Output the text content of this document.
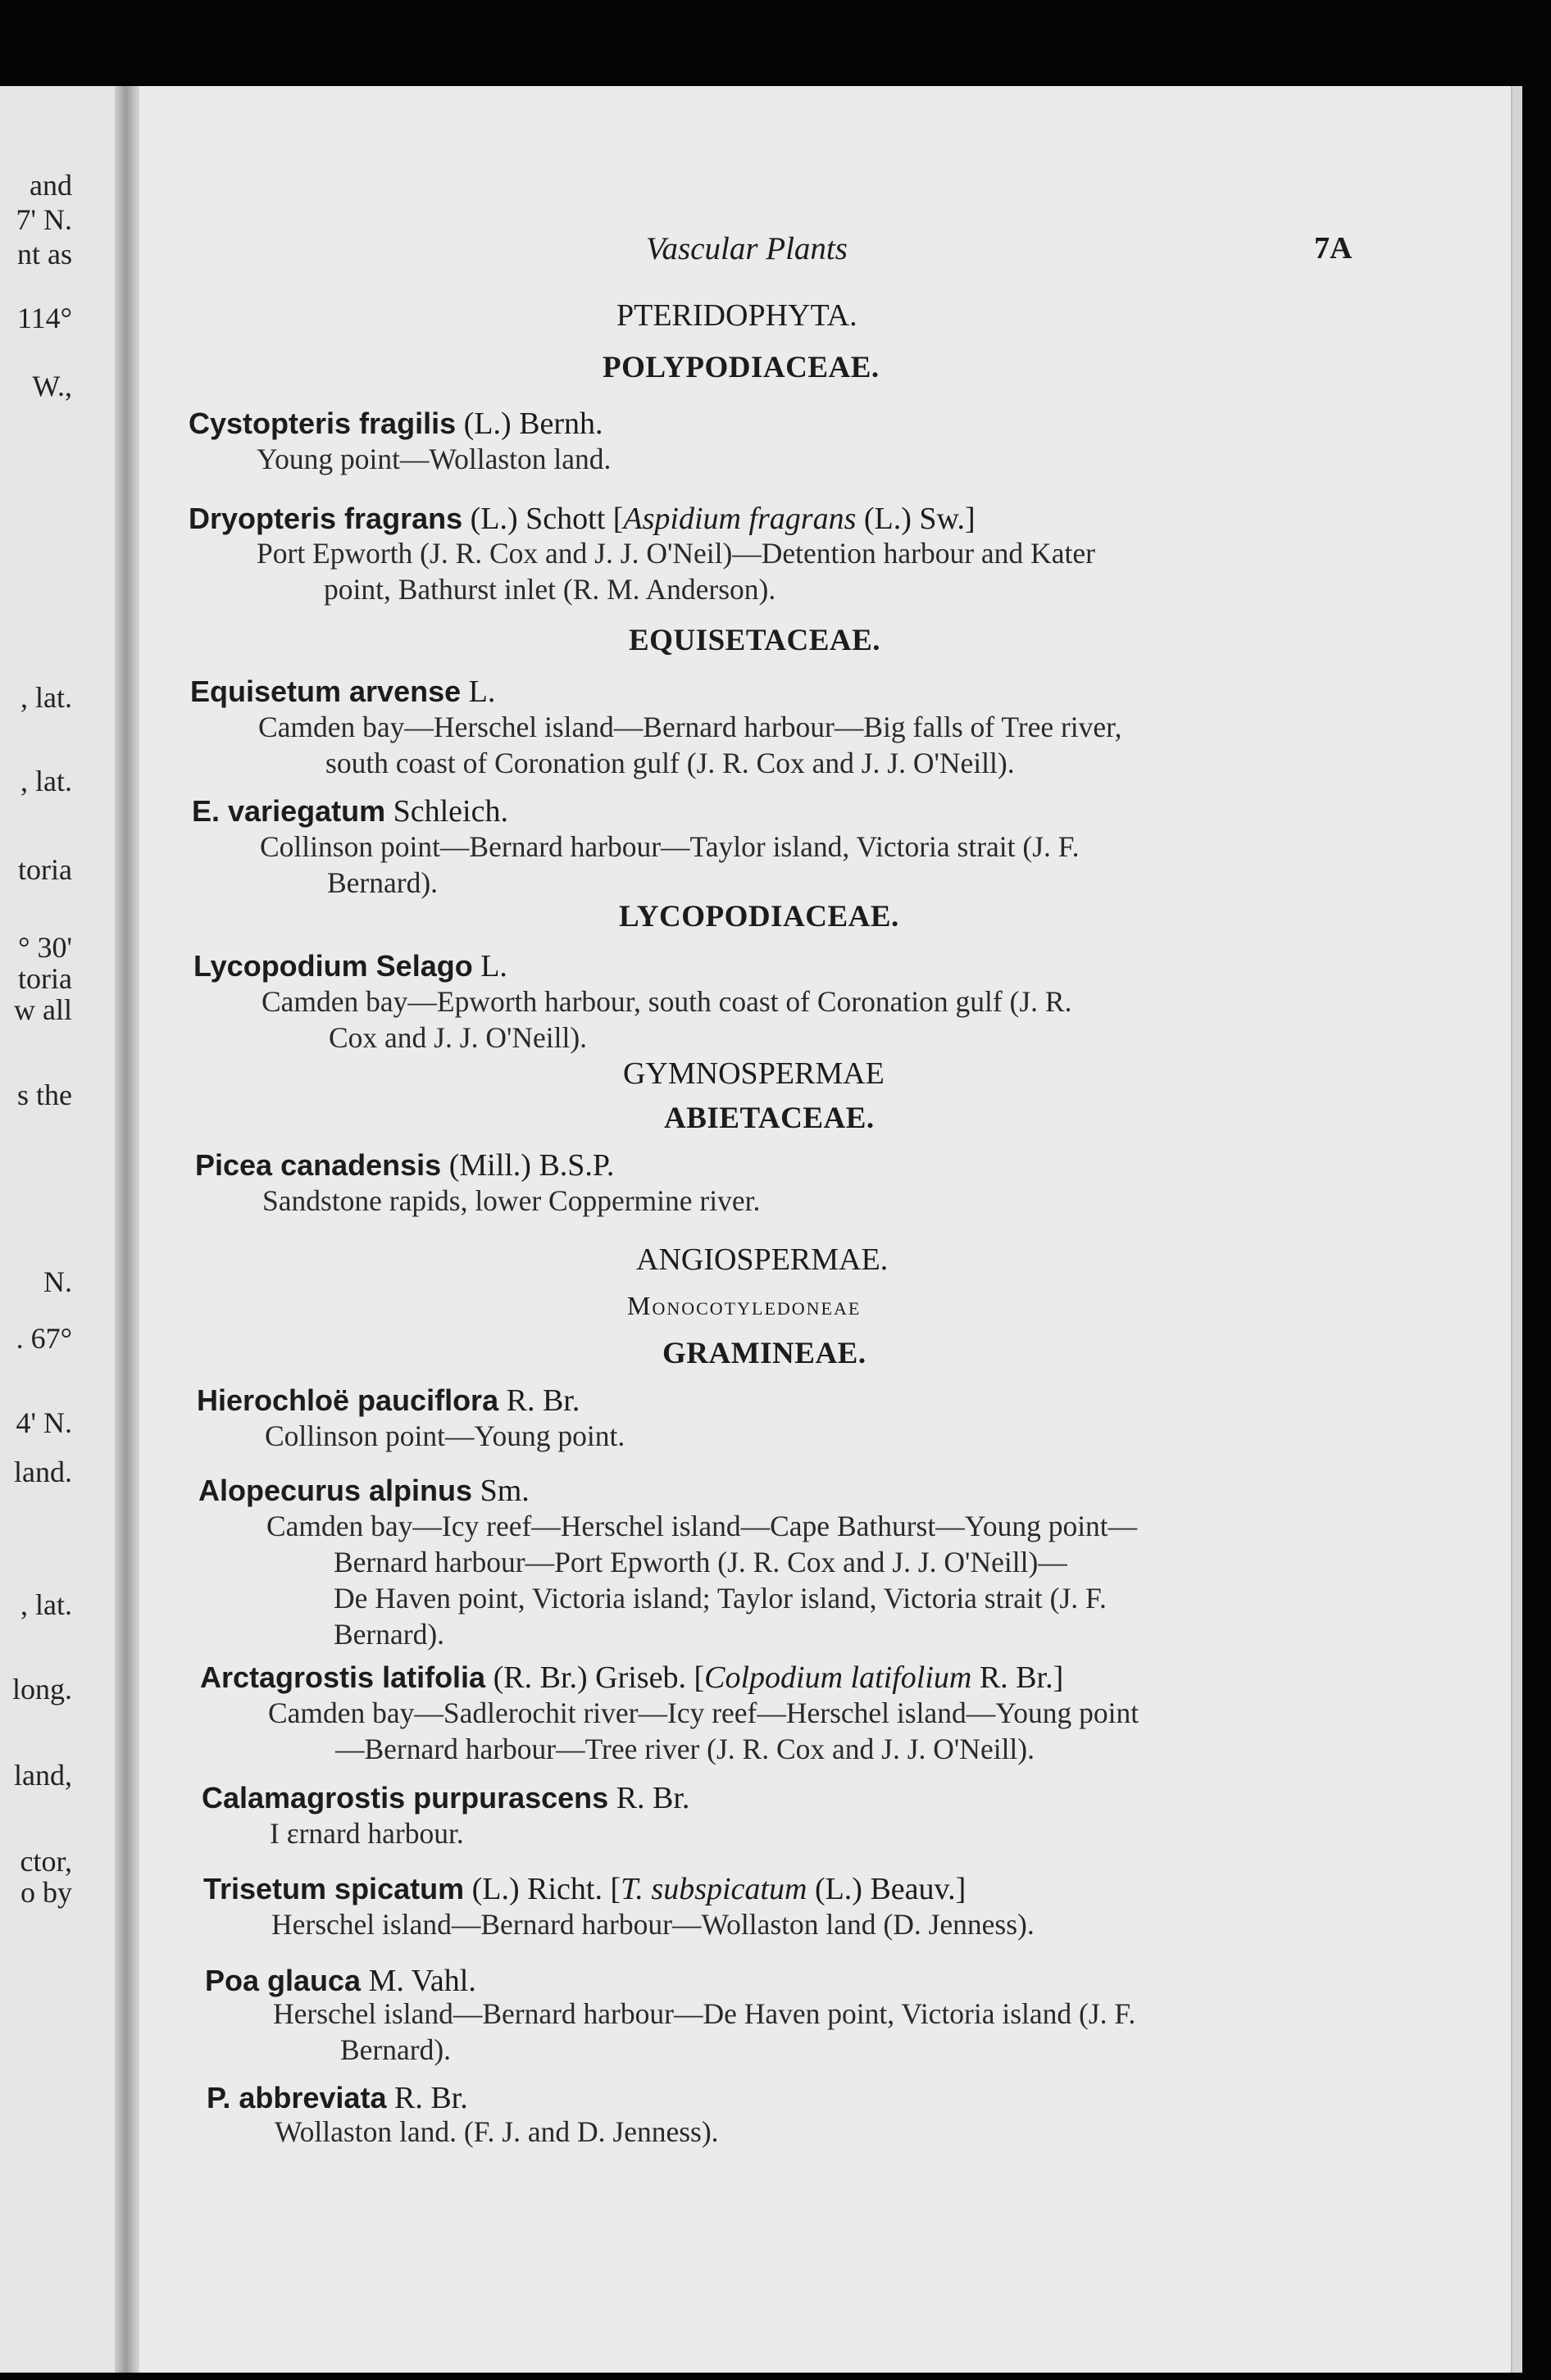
and
7' N.
nt as
114°
W.,
, lat.
, lat.
toria
° 30'
toria
w all
s the
N.
. 67°
4' N.
land.
, lat.
long.
land,
ctor,
o by
Vascular Plants	7A
PTERIDOPHYTA.
POLYPODIACEAE.
Cystopteris fragilis (L.) Bernh.
Young point—Wollaston land.
Dryopteris fragrans (L.) Schott [Aspidium fragrans (L.) Sw.]
Port Epworth (J. R. Cox and J. J. O'Neil)—Detention harbour and Kater
point, Bathurst inlet (R. M. Anderson).
EQUISETACEAE.
Equisetum arvense L.
Camden bay—Herschel island—Bernard harbour—Big falls of Tree river,
south coast of Coronation gulf (J. R. Cox and J. J. O'Neill).
E. variegatum Schleich.
Collinson point—Bernard harbour—Taylor island, Victoria strait (J. F.
Bernard).
LYCOPODIACEAE.
Lycopodium Selago L.
Camden bay—Epworth harbour, south coast of Coronation gulf (J. R.
Cox and J. J. O'Neill).
GYMNOSPERMAE
ABIETACEAE.
Picea canadensis (Mill.) B.S.P.
Sandstone rapids, lower Coppermine river.
ANGIOSPERMAE.
Monocotyledoneae
GRAMINEAE.
Hierochloë pauciflora R. Br.
Collinson point—Young point.
Alopecurus alpinus Sm.
Camden bay—Icy reef—Herschel island—Cape Bathurst—Young point—
Bernard harbour—Port Epworth (J. R. Cox and J. J. O'Neill)—
De Haven point, Victoria island; Taylor island, Victoria strait (J. F.
Bernard).
Arctagrostis latifolia (R. Br.) Griseb. [Colpodium latifolium R. Br.]
Camden bay—Sadlerochit river—Icy reef—Herschel island—Young point
—Bernard harbour—Tree river (J. R. Cox and J. J. O'Neill).
Calamagrostis purpurascens R. Br.
I ɛrnard harbour.
Trisetum spicatum (L.) Richt. [T. subspicatum (L.) Beauv.]
Herschel island—Bernard harbour—Wollaston land (D. Jenness).
Poa glauca M. Vahl.
Herschel island—Bernard harbour—De Haven point, Victoria island (J. F.
Bernard).
P. abbreviata R. Br.
Wollaston land. (F. J. and D. Jenness).
